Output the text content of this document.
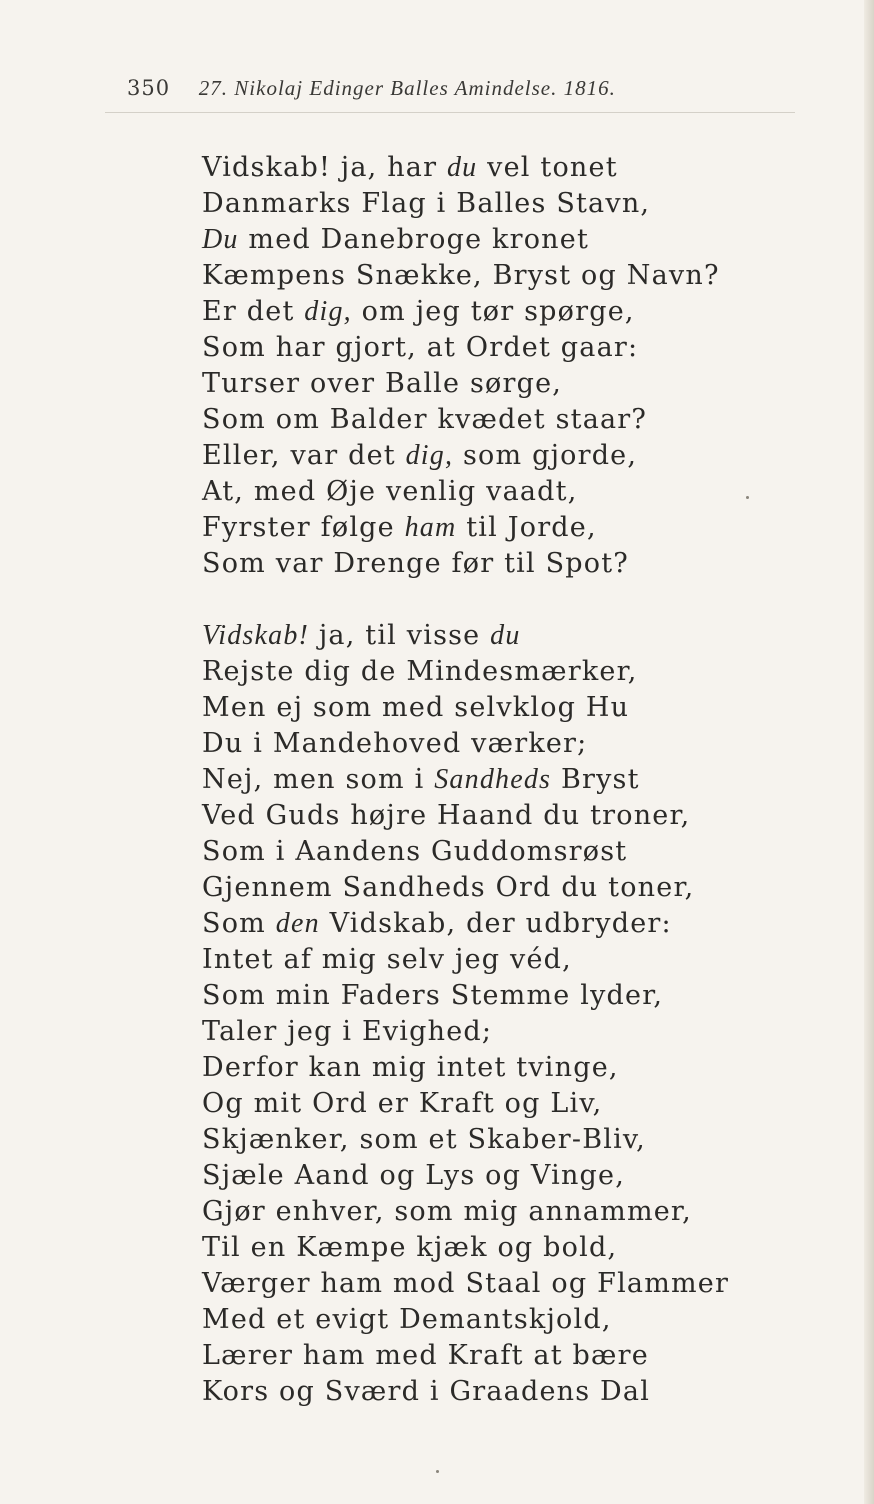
350 27. Nikolaj Edinger Balles Amindelse. 1816.
Vidskab! ja, har du vel tonet
Danmarks Flag i Balles Stavn,
Du med Danebroge kronet
Kæmpens Snække, Bryst og Navn?
Er det dig, om jeg tør spørge,
Som har gjort, at Ordet gaar:
Turser over Balle sørge,
Som om Balder kvædet staar?
Eller, var det dig, som gjorde,
At, med Øje venlig vaadt,
Fyrster følge ham til Jorde,
Som var Drenge før til Spot?
Vidskab! ja, til visse du
Rejste dig de Mindesmærker,
Men ej som med selvklog Hu
Du i Mandehoved værker;
Nej, men som i Sandheds Bryst
Ved Guds højre Haand du troner,
Som i Aandens Guddomsrøst
Gjennem Sandheds Ord du toner,
Som den Vidskab, der udbryder:
Intet af mig selv jeg véd,
Som min Faders Stemme lyder,
Taler jeg i Evighed;
Derfor kan mig intet tvinge,
Og mit Ord er Kraft og Liv,
Skjænker, som et Skaber-Bliv,
Sjæle Aand og Lys og Vinge,
Gjør enhver, som mig annammer,
Til en Kæmpe kjæk og bold,
Værger ham mod Staal og Flammer
Med et evigt Demantskjold,
Lærer ham med Kraft at bære
Kors og Sværd i Graadens Dal
